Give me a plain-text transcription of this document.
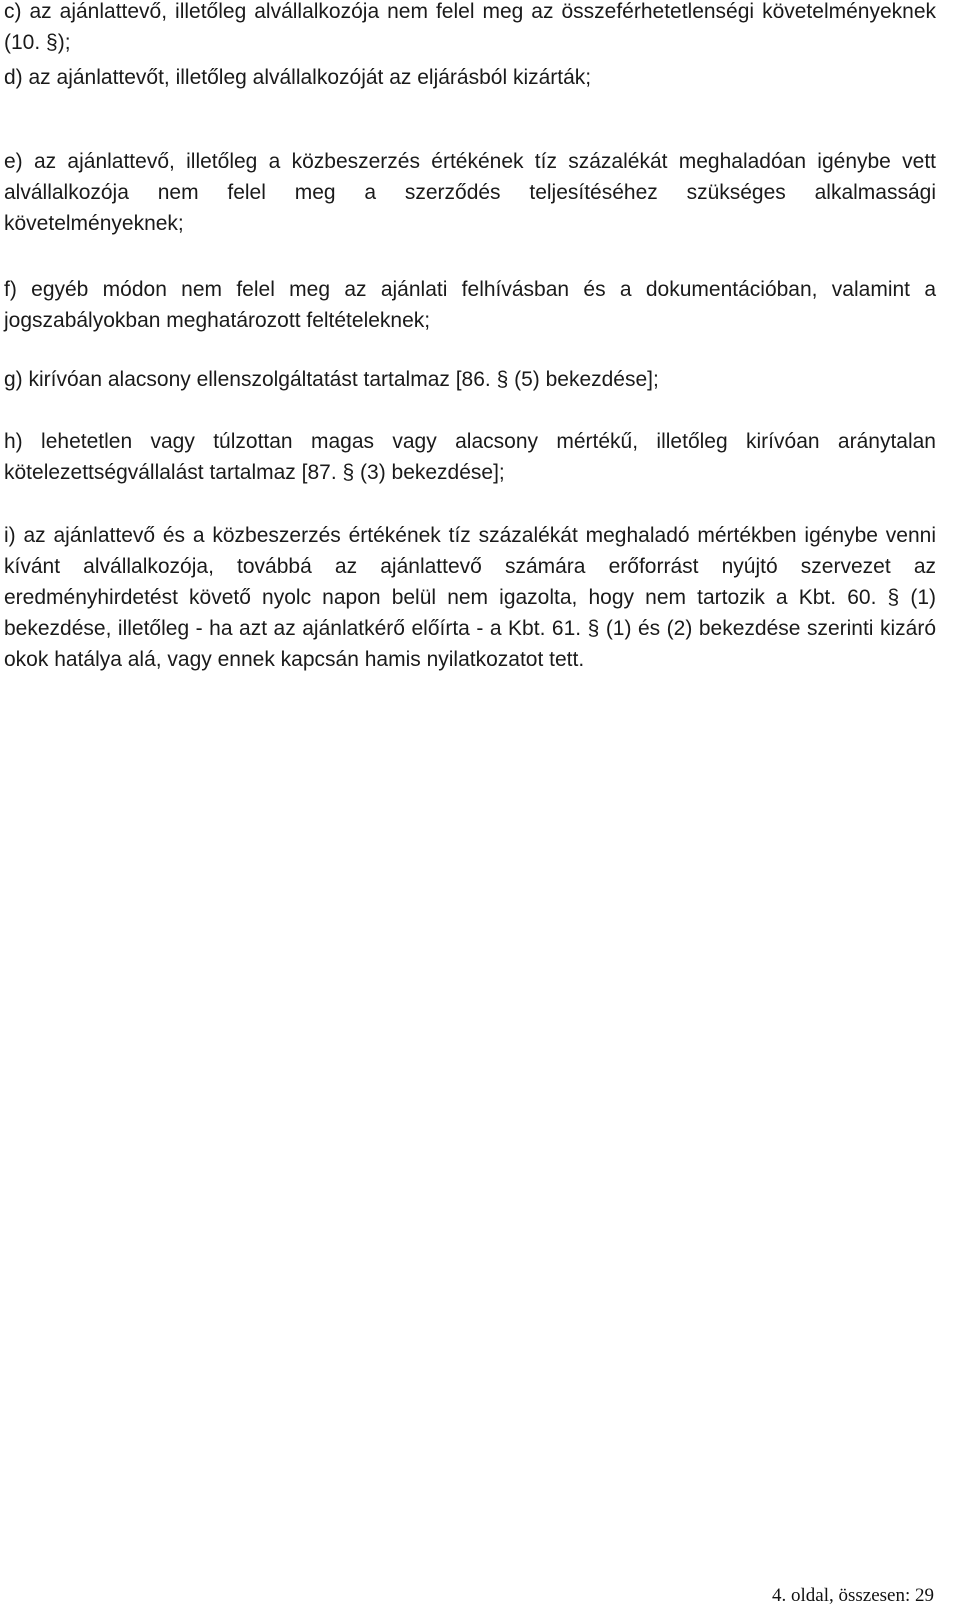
c) az ajánlattevő, illetőleg alvállalkozója nem felel meg az összeférhetetlenségi követelményeknek (10. §);

d) az ajánlattevőt, illetőleg alvállalkozóját az eljárásból kizárták;

e) az ajánlattevő, illetőleg a közbeszerzés értékének tíz százalékát meghaladóan igénybe vett alvállalkozója nem felel meg a szerződés teljesítéséhez szükséges alkalmassági követelményeknek;

f) egyéb módon nem felel meg az ajánlati felhívásban és a dokumentációban, valamint a jogszabályokban meghatározott feltételeknek;

g) kirívóan alacsony ellenszolgáltatást tartalmaz [86. § (5) bekezdése];

h) lehetetlen vagy túlzottan magas vagy alacsony mértékű, illetőleg kirívóan aránytalan kötelezettségvállalást tartalmaz [87. § (3) bekezdése];

i) az ajánlattevő és a közbeszerzés értékének tíz százalékát meghaladó mértékben igénybe venni kívánt alvállalkozója, továbbá az ajánlattevő számára erőforrást nyújtó szervezet az eredményhirdetést követő nyolc napon belül nem igazolta, hogy nem tartozik a Kbt. 60. § (1) bekezdése, illetőleg - ha azt az ajánlatkérő előírta - a Kbt. 61. § (1) és (2) bekezdése szerinti kizáró okok hatálya alá, vagy ennek kapcsán hamis nyilatkozatot tett.

4. oldal, összesen: 29
